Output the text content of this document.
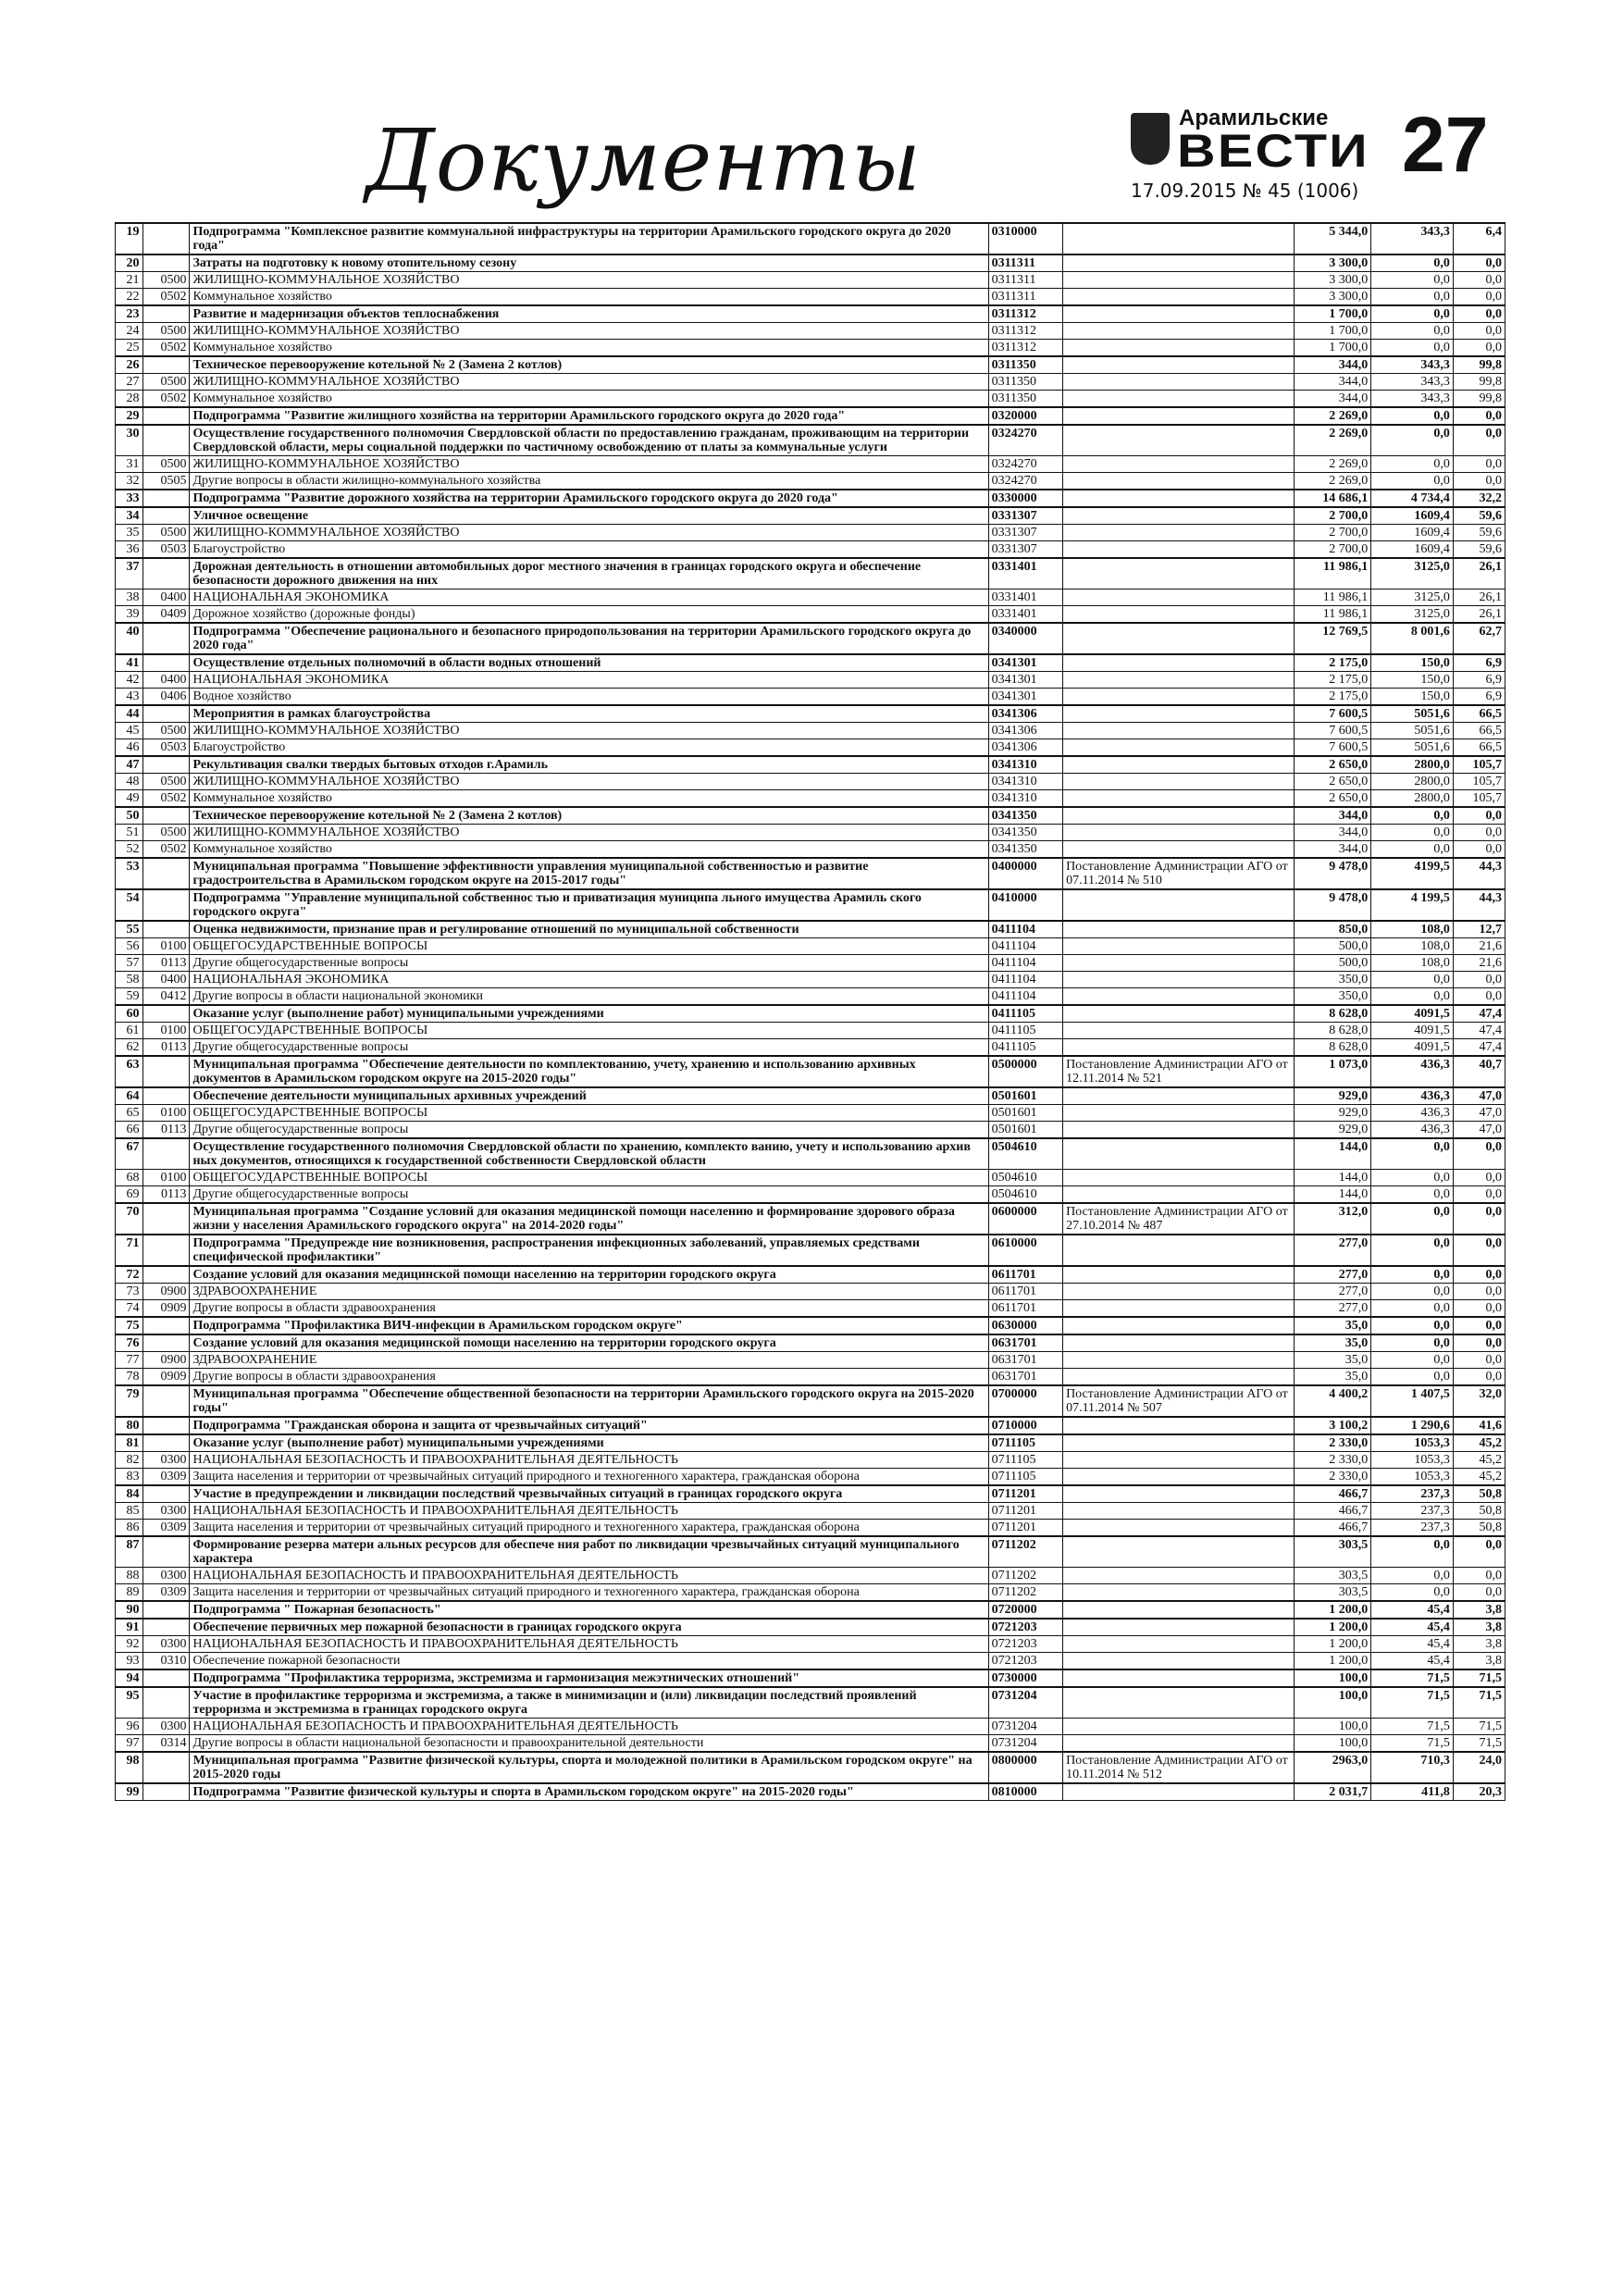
Документы	Арамильские
ВЕСТИ 27
17.09.2015 № 45 (1006)
19		Подпрограмма "Комплексное развитие коммунальной инфраструктуры на территории Арамильского городского округа до 2020 года"	0310000		5 344,0	343,3	6,4
20		Затраты на подготовку к новому отопительному сезону	0311311		3 300,0	0,0	0,0
21	0500	ЖИЛИЩНО-КОММУНАЛЬНОЕ ХОЗЯЙСТВО	0311311		3 300,0	0,0	0,0
22	0502	Коммунальное хозяйство	0311311		3 300,0	0,0	0,0
23		Развитие и мадернизация объектов теплоснабжения	0311312		1 700,0	0,0	0,0
24	0500	ЖИЛИЩНО-КОММУНАЛЬНОЕ ХОЗЯЙСТВО	0311312		1 700,0	0,0	0,0
25	0502	Коммунальное хозяйство	0311312		1 700,0	0,0	0,0
26		Техническое перевооружение котельной № 2 (Замена 2 котлов)	0311350		344,0	343,3	99,8
27	0500	ЖИЛИЩНО-КОММУНАЛЬНОЕ ХОЗЯЙСТВО	0311350		344,0	343,3	99,8
28	0502	Коммунальное хозяйство	0311350		344,0	343,3	99,8
29		Подпрограмма "Развитие жилищного хозяйства на территории Арамильского городского округа до 2020 года"	0320000		2 269,0	0,0	0,0
30		Осуществление государственного полномочия Свердловской области по предоставлению гражданам, проживающим на территории Свердловской области, меры социальной поддержки по частичному освобождению от платы за коммунальные услуги	0324270		2 269,0	0,0	0,0
31	0500	ЖИЛИЩНО-КОММУНАЛЬНОЕ ХОЗЯЙСТВО	0324270		2 269,0	0,0	0,0
32	0505	Другие вопросы в области жилищно-коммунального хозяйства	0324270		2 269,0	0,0	0,0
33		Подпрограмма "Развитие дорожного хозяйства на территории Арамильского городского округа до 2020 года"	0330000		14 686,1	4 734,4	32,2
34		Уличное освещение	0331307		2 700,0	1609,4	59,6
35	0500	ЖИЛИЩНО-КОММУНАЛЬНОЕ ХОЗЯЙСТВО	0331307		2 700,0	1609,4	59,6
36	0503	Благоустройство	0331307		2 700,0	1609,4	59,6
37		Дорожная деятельность в отношении автомобильных дорог местного значения в границах городского округа и обеспечение безопасности дорожного движения на них	0331401		11 986,1	3125,0	26,1
38	0400	НАЦИОНАЛЬНАЯ ЭКОНОМИКА	0331401		11 986,1	3125,0	26,1
39	0409	Дорожное хозяйство (дорожные фонды)	0331401		11 986,1	3125,0	26,1
40		Подпрограмма "Обеспечение рационального и безопасного природопользования на территории Арамильского городского округа до 2020 года"	0340000		12 769,5	8 001,6	62,7
41		Осуществление отдельных полномочий в области водных отношений	0341301		2 175,0	150,0	6,9
42	0400	НАЦИОНАЛЬНАЯ ЭКОНОМИКА	0341301		2 175,0	150,0	6,9
43	0406	Водное хозяйство	0341301		2 175,0	150,0	6,9
44		Мероприятия в рамках благоустройства	0341306		7 600,5	5051,6	66,5
45	0500	ЖИЛИЩНО-КОММУНАЛЬНОЕ ХОЗЯЙСТВО	0341306		7 600,5	5051,6	66,5
46	0503	Благоустройство	0341306		7 600,5	5051,6	66,5
47		Рекультивация свалки твердых бытовых отходов г.Арамиль	0341310		2 650,0	2800,0	105,7
48	0500	ЖИЛИЩНО-КОММУНАЛЬНОЕ ХОЗЯЙСТВО	0341310		2 650,0	2800,0	105,7
49	0502	Коммунальное хозяйство	0341310		2 650,0	2800,0	105,7
50		Техническое перевооружение котельной № 2 (Замена 2 котлов)	0341350		344,0	0,0	0,0
51	0500	ЖИЛИЩНО-КОММУНАЛЬНОЕ ХОЗЯЙСТВО	0341350		344,0	0,0	0,0
52	0502	Коммунальное хозяйство	0341350		344,0	0,0	0,0
53		Муниципальная программа "Повышение эффективности управления муниципальной собственностью и развитие градостроительства в Арамильском городском округе на 2015-2017 годы"	0400000	Постановление Администрации АГО от 07.11.2014 № 510	9 478,0	4199,5	44,3
54		Подпрограмма "Управление муниципальной собственнос тью и приватизация муниципа льного имущества Арамиль ского городского округа"	0410000		9 478,0	4 199,5	44,3
55		Оценка недвижимости, признание прав и регулирование отношений по муниципальной собственности	0411104		850,0	108,0	12,7
56	0100	ОБЩЕГОСУДАРСТВЕННЫЕ ВОПРОСЫ	0411104		500,0	108,0	21,6
57	0113	Другие общегосударственные вопросы	0411104		500,0	108,0	21,6
58	0400	НАЦИОНАЛЬНАЯ ЭКОНОМИКА	0411104		350,0	0,0	0,0
59	0412	Другие вопросы в области национальной экономики	0411104		350,0	0,0	0,0
60		Оказание услуг (выполнение работ) муниципальными учреждениями	0411105		8 628,0	4091,5	47,4
61	0100	ОБЩЕГОСУДАРСТВЕННЫЕ ВОПРОСЫ	0411105		8 628,0	4091,5	47,4
62	0113	Другие общегосударственные вопросы	0411105		8 628,0	4091,5	47,4
63		Муниципальная программа "Обеспечение деятельности по комплектованию, учету, хранению и использованию архивных документов в Арамильском городском округе на 2015-2020 годы"	0500000	Постановление Администрации АГО от 12.11.2014 № 521	1 073,0	436,3	40,7
64		Обеспечение деятельности муниципальных архивных учреждений	0501601		929,0	436,3	47,0
65	0100	ОБЩЕГОСУДАРСТВЕННЫЕ ВОПРОСЫ	0501601		929,0	436,3	47,0
66	0113	Другие общегосударственные вопросы	0501601		929,0	436,3	47,0
67		Осуществление государственного полномочия Свердловской области по хранению, комплекто ванию, учету и использованию архив ных документов, относящихся к государственной собственности Свердловской области	0504610		144,0	0,0	0,0
68	0100	ОБЩЕГОСУДАРСТВЕННЫЕ ВОПРОСЫ	0504610		144,0	0,0	0,0
69	0113	Другие общегосударственные вопросы	0504610		144,0	0,0	0,0
70		Муниципальная программа "Создание условий для оказания медицинской помощи населению и формирование здорового образа жизни у населения Арамильского городского округа" на 2014-2020 годы"	0600000	Постановление Администрации АГО от 27.10.2014 № 487	312,0	0,0	0,0
71		Подпрограмма "Предупрежде ние возникновения, распространения инфекционных заболеваний, управляемых средствами специфической профилактики"	0610000		277,0	0,0	0,0
72		Создание условий для оказания медицинской помощи населению на территории городского округа	0611701		277,0	0,0	0,0
73	0900	ЗДРАВООХРАНЕНИЕ	0611701		277,0	0,0	0,0
74	0909	Другие вопросы в области здравоохранения	0611701		277,0	0,0	0,0
75		Подпрограмма "Профилактика ВИЧ-инфекции в Арамильском городском округе"	0630000		35,0	0,0	0,0
76		Создание условий для оказания медицинской помощи населению на территории городского округа	0631701		35,0	0,0	0,0
77	0900	ЗДРАВООХРАНЕНИЕ	0631701		35,0	0,0	0,0
78	0909	Другие вопросы в области здравоохранения	0631701		35,0	0,0	0,0
79		Муниципальная программа "Обеспечение общественной безопасности на территории Арамильского городского округа на 2015-2020 годы"	0700000	Постановление Администрации АГО от 07.11.2014 № 507	4 400,2	1 407,5	32,0
80		Подпрограмма "Гражданская оборона и защита от чрезвычайных ситуаций"	0710000		3 100,2	1 290,6	41,6
81		Оказание услуг (выполнение работ) муниципальными учреждениями	0711105		2 330,0	1053,3	45,2
82	0300	НАЦИОНАЛЬНАЯ БЕЗОПАСНОСТЬ И ПРАВООХРАНИТЕЛЬНАЯ ДЕЯТЕЛЬНОСТЬ	0711105		2 330,0	1053,3	45,2
83	0309	Защита населения и территории от чрезвычайных ситуаций природного и техногенного характера, гражданская оборона	0711105		2 330,0	1053,3	45,2
84		Участие в предупреждении и ликвидации последствий чрезвычайных ситуаций в границах городского округа	0711201		466,7	237,3	50,8
85	0300	НАЦИОНАЛЬНАЯ БЕЗОПАСНОСТЬ И ПРАВООХРАНИТЕЛЬНАЯ ДЕЯТЕЛЬНОСТЬ	0711201		466,7	237,3	50,8
86	0309	Защита населения и территории от чрезвычайных ситуаций природного и техногенного характера, гражданская оборона	0711201		466,7	237,3	50,8
87		Формирование резерва матери альных ресурсов для обеспече ния работ по ликвидации чрезвычайных ситуаций муниципального характера	0711202		303,5	0,0	0,0
88	0300	НАЦИОНАЛЬНАЯ БЕЗОПАСНОСТЬ И ПРАВООХРАНИТЕЛЬНАЯ ДЕЯТЕЛЬНОСТЬ	0711202		303,5	0,0	0,0
89	0309	Защита населения и территории от чрезвычайных ситуаций природного и техногенного характера, гражданская оборона	0711202		303,5	0,0	0,0
90		Подпрограмма " Пожарная безопасность"	0720000		1 200,0	45,4	3,8
91		Обеспечение первичных мер пожарной безопасности в границах городского округа	0721203		1 200,0	45,4	3,8
92	0300	НАЦИОНАЛЬНАЯ БЕЗОПАСНОСТЬ И ПРАВООХРАНИТЕЛЬНАЯ ДЕЯТЕЛЬНОСТЬ	0721203		1 200,0	45,4	3,8
93	0310	Обеспечение пожарной безопасности	0721203		1 200,0	45,4	3,8
94		Подпрограмма "Профилактика терроризма, экстремизма и гармонизация межэтнических отношений"	0730000		100,0	71,5	71,5
95		Участие в профилактике терроризма и экстремизма, а также в минимизации и (или) ликвидации последствий проявлений терроризма и экстремизма в границах городского округа	0731204		100,0	71,5	71,5
96	0300	НАЦИОНАЛЬНАЯ БЕЗОПАСНОСТЬ И ПРАВООХРАНИТЕЛЬНАЯ ДЕЯТЕЛЬНОСТЬ	0731204		100,0	71,5	71,5
97	0314	Другие вопросы в области национальной безопасности и правоохранительной деятельности	0731204		100,0	71,5	71,5
98		Муниципальная программа "Развитие физической культуры, спорта и молодежной политики в Арамильском городском округе" на 2015-2020 годы	0800000	Постановление Администрации АГО от 10.11.2014 № 512	2963,0	710,3	24,0
99		Подпрограмма "Развитие физической культуры и спорта в Арамильском городском округе" на 2015-2020 годы"	0810000		2 031,7	411,8	20,3
